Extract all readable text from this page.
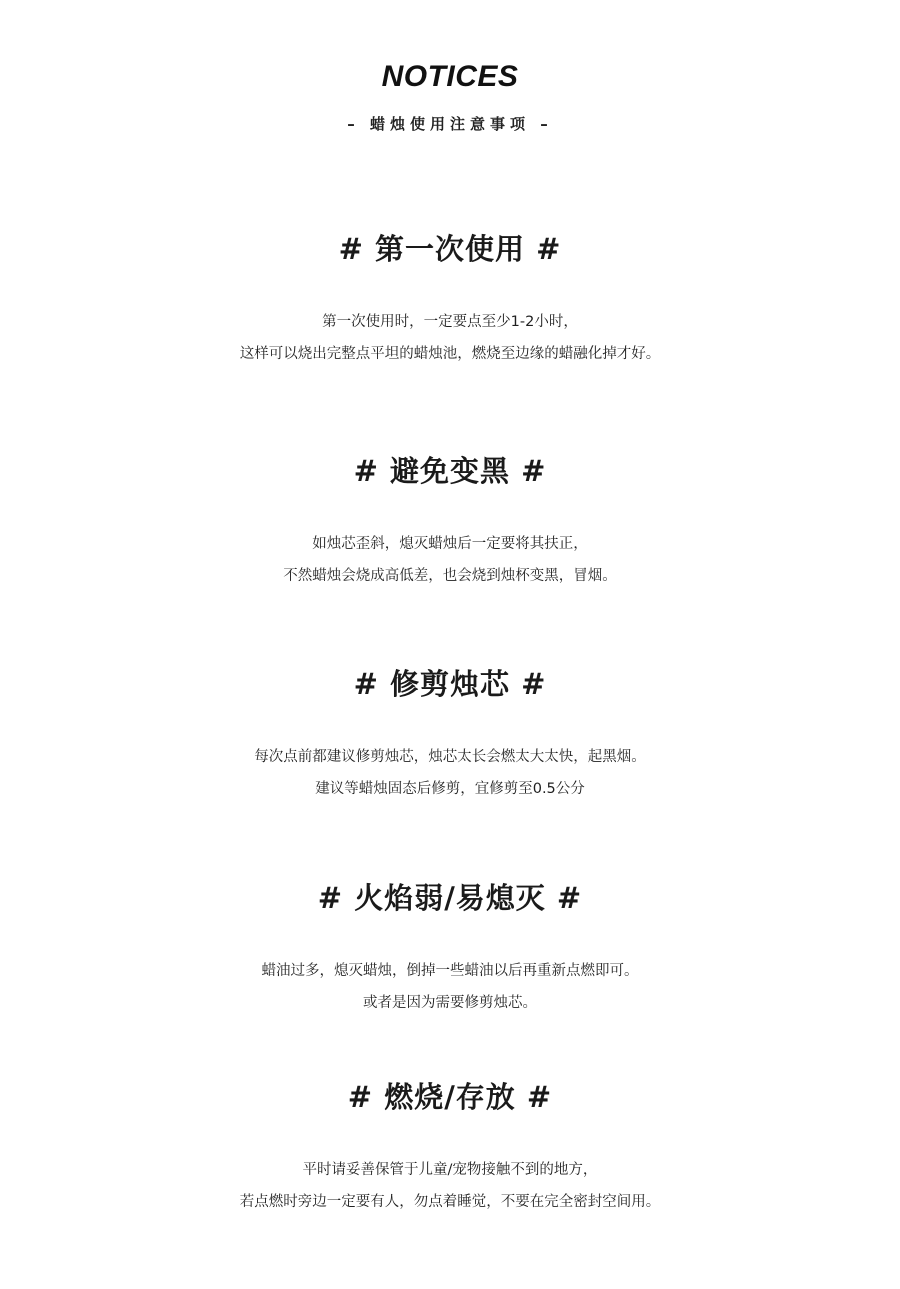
NOTICES
– 蜡烛使用注意事项 –
# 第一次使用 #
第一次使用时，一定要点至少1-2小时，
这样可以烧出完整点平坦的蜡烛池，燃烧至边缘的蜡融化掉才好。
# 避免变黑 #
如烛芯歪斜，熄灭蜡烛后一定要将其扶正，
不然蜡烛会烧成高低差，也会烧到烛杯变黑，冒烟。
# 修剪烛芯 #
每次点前都建议修剪烛芯，烛芯太长会燃太大太快，起黑烟。
建议等蜡烛固态后修剪，宜修剪至0.5公分
# 火焰弱/易熄灭 #
蜡油过多，熄灭蜡烛，倒掉一些蜡油以后再重新点燃即可。
或者是因为需要修剪烛芯。
# 燃烧/存放 #
平时请妥善保管于儿童/宠物接触不到的地方，
若点燃时旁边一定要有人，勿点着睡觉，不要在完全密封空间用。
